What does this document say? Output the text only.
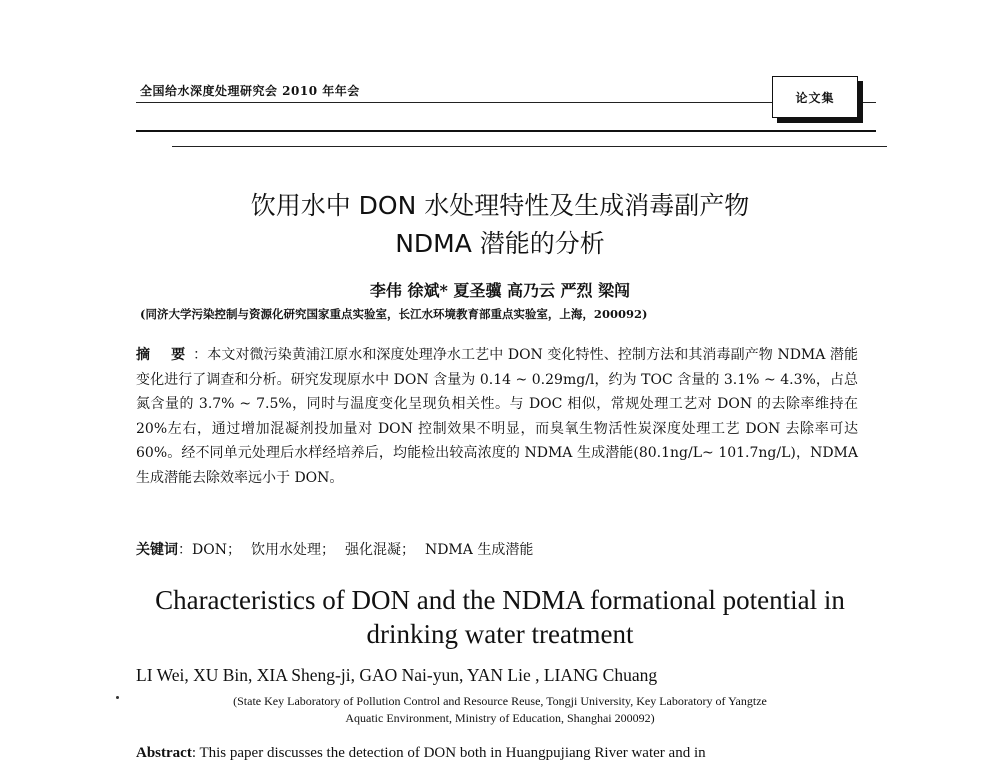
全国给水深度处理研究会 2010 年年会	论文集
饮用水中 DON 水处理特性及生成消毒副产物
NDMA 潜能的分析
李伟 徐斌* 夏圣骥 高乃云 严烈 梁闯
(同济大学污染控制与资源化研究国家重点实验室，长江水环境教育部重点实验室，上海，200092)
摘 要：本文对微污染黄浦江原水和深度处理净水工艺中 DON 变化特性、控制方法和其消毒副产物 NDMA 潜能变化进行了调查和分析。研究发现原水中 DON 含量为 0.14 ~ 0.29mg/l，约为 TOC 含量的 3.1% ~ 4.3%，占总氮含量的 3.7% ~ 7.5%，同时与温度变化呈现负相关性。与 DOC 相似，常规处理工艺对 DON 的去除率维持在 20%左右，通过增加混凝剂投加量对 DON 控制效果不明显，而臭氧生物活性炭深度处理工艺 DON 去除率可达 60%。经不同单元处理后水样经培养后，均能检出较高浓度的 NDMA 生成潜能(80.1ng/L~ 101.7ng/L)，NDMA 生成潜能去除效率远小于 DON。
关键词：DON； 饮用水处理； 强化混凝； NDMA 生成潜能
Characteristics of DON and the NDMA formational potential in
drinking water treatment
LI Wei, XU Bin, XIA Sheng-ji, GAO Nai-yun, YAN Lie , LIANG Chuang
(State Key Laboratory of Pollution Control and Resource Reuse, Tongji University, Key Laboratory of Yangtze
Aquatic Environment, Ministry of Education, Shanghai 200092)
Abstract: This paper discusses the detection of DON both in Huangpujiang River water and in
